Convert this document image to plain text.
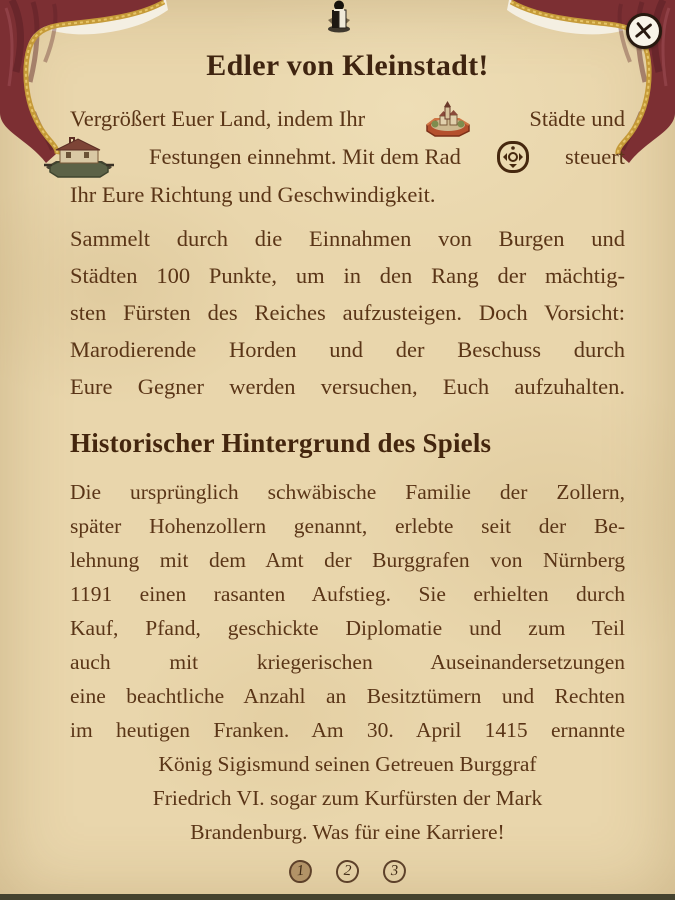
Edler von Kleinstadt!
Vergrößert Euer Land, indem Ihr	Städte und
Festungen einnehmt. Mit dem Rad	steuert
Ihr Eure Richtung und Geschwindigkeit.
Sammelt durch die Einnahmen von Burgen und
Städten 100 Punkte, um in den Rang der mächtig-
sten Fürsten des Reiches aufzusteigen. Doch Vorsicht:
Marodierende Horden und der Beschuss durch
Eure Gegner werden versuchen, Euch aufzuhalten.
Historischer Hintergrund des Spiels
Die ursprünglich schwäbische Familie der Zollern,
später Hohenzollern genannt, erlebte seit der Be-
lehnung mit dem Amt der Burggrafen von Nürnberg
1191 einen rasanten Aufstieg. Sie erhielten durch
Kauf, Pfand, geschickte Diplomatie und zum Teil
auch mit kriegerischen Auseinandersetzungen
eine beachtliche Anzahl an Besitztümern und Rechten
im heutigen Franken. Am 30. April 1415 ernannte
König Sigismund seinen Getreuen Burggraf
Friedrich VI. sogar zum Kurfürsten der Mark
Brandenburg. Was für eine Karriere!
1	2	3
